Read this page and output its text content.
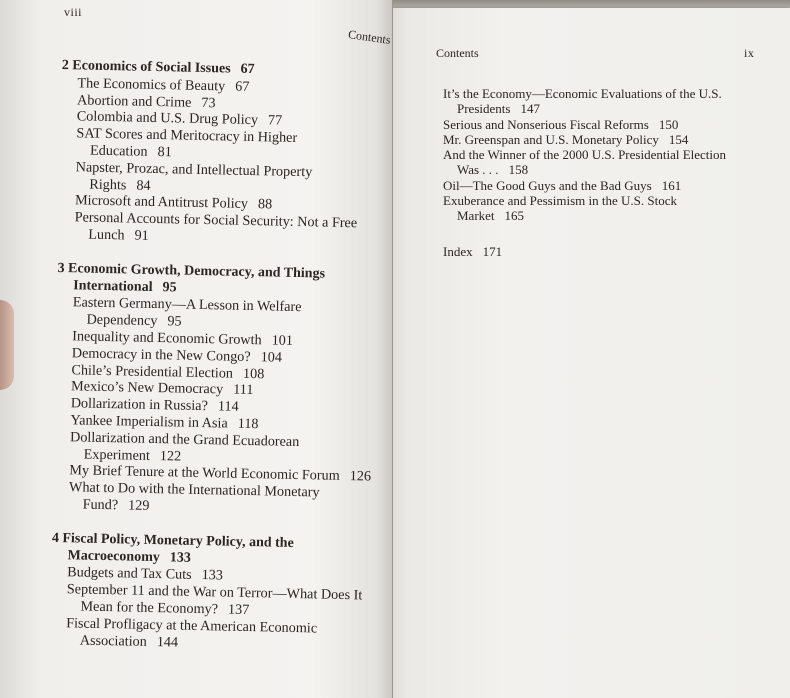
viii
Contents
2 Economics of Social Issues 67
The Economics of Beauty 67
Abortion and Crime 73
Colombia and U.S. Drug Policy 77
SAT Scores and Meritocracy in Higher
Education 81
Napster, Prozac, and Intellectual Property
Rights 84
Microsoft and Antitrust Policy 88
Personal Accounts for Social Security: Not a Free
Lunch 91
3 Economic Growth, Democracy, and Things
International 95
Eastern Germany—A Lesson in Welfare
Dependency 95
Inequality and Economic Growth 101
Democracy in the New Congo? 104
Chile’s Presidential Election 108
Mexico’s New Democracy 111
Dollarization in Russia? 114
Yankee Imperialism in Asia 118
Dollarization and the Grand Ecuadorean
Experiment 122
My Brief Tenure at the World Economic Forum 126
What to Do with the International Monetary
Fund? 129
4 Fiscal Policy, Monetary Policy, and the
Macroeconomy 133
Budgets and Tax Cuts 133
September 11 and the War on Terror—What Does It
Mean for the Economy? 137
Fiscal Profligacy at the American Economic
Association 144
Contents	ix
It’s the Economy—Economic Evaluations of the U.S.
Presidents 147
Serious and Nonserious Fiscal Reforms 150
Mr. Greenspan and U.S. Monetary Policy 154
And the Winner of the 2000 U.S. Presidential Election
Was . . . 158
Oil—The Good Guys and the Bad Guys 161
Exuberance and Pessimism in the U.S. Stock
Market 165
Index 171
